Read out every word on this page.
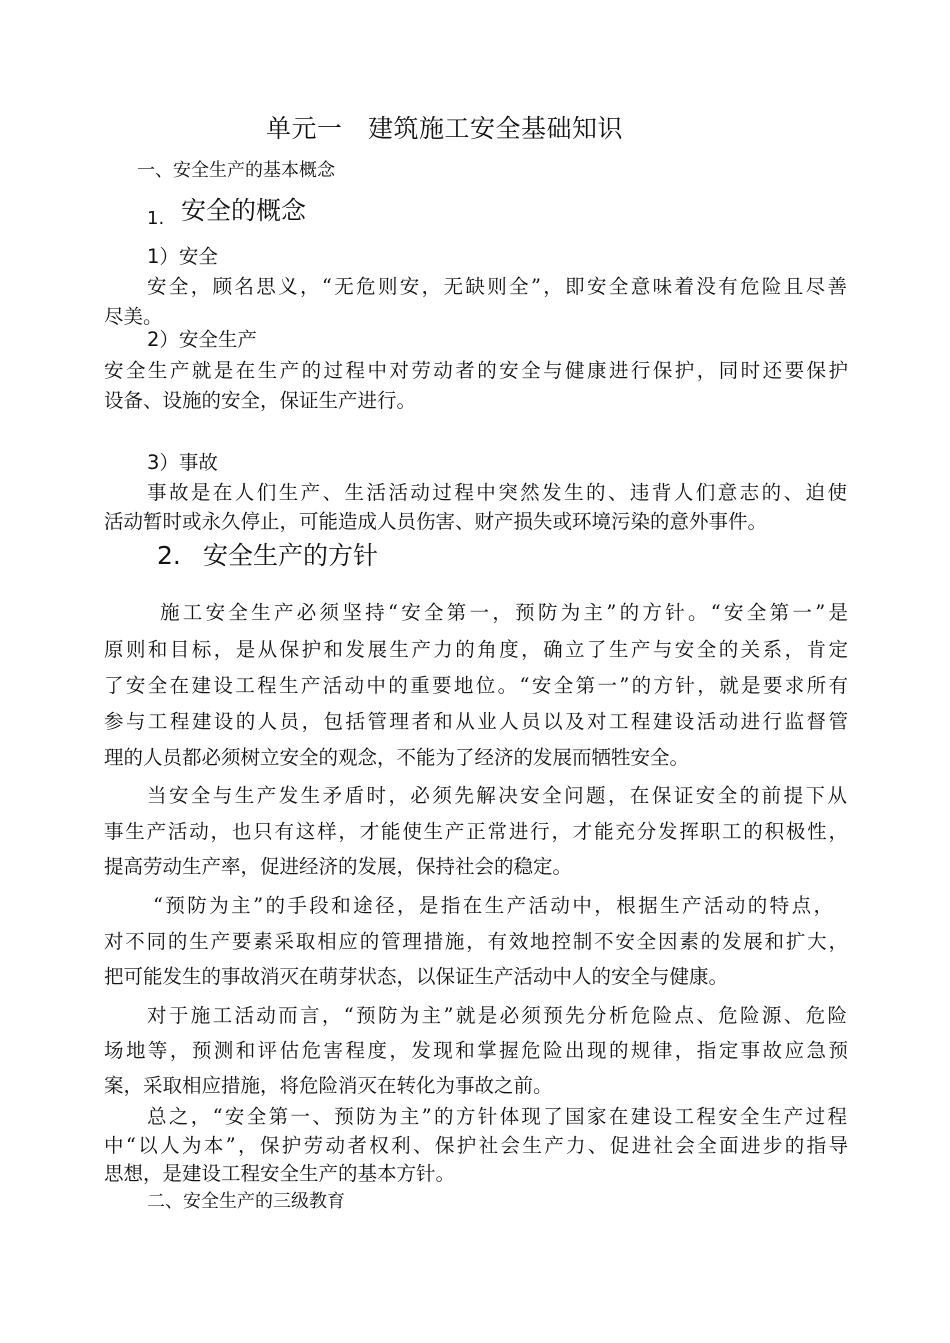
单元一　建筑施工安全基础知识
一、安全生产的基本概念
1. 安全的概念
1）安全
安全，顾名思义，“无危则安，无缺则全”，即安全意味着没有危险且尽善
尽美。
2）安全生产
安全生产就是在生产的过程中对劳动者的安全与健康进行保护，同时还要保护
设备、设施的安全，保证生产进行。
3）事故
事故是在人们生产、生活活动过程中突然发生的、违背人们意志的、迫使
活动暂时或永久停止，可能造成人员伤害、财产损失或环境污染的意外事件。
2. 安全生产的方针
施工安全生产必须坚持“安全第一，预防为主”的方针。“安全第一”是
原则和目标，是从保护和发展生产力的角度，确立了生产与安全的关系，肯定
了安全在建设工程生产活动中的重要地位。“安全第一”的方针，就是要求所有
参与工程建设的人员，包括管理者和从业人员以及对工程建设活动进行监督管
理的人员都必须树立安全的观念，不能为了经济的发展而牺牲安全。
当安全与生产发生矛盾时，必须先解决安全问题，在保证安全的前提下从
事生产活动，也只有这样，才能使生产正常进行，才能充分发挥职工的积极性，
提高劳动生产率，促进经济的发展，保持社会的稳定。
“预防为主”的手段和途径，是指在生产活动中，根据生产活动的特点，
对不同的生产要素采取相应的管理措施，有效地控制不安全因素的发展和扩大，
把可能发生的事故消灭在萌芽状态，以保证生产活动中人的安全与健康。
对于施工活动而言，“预防为主”就是必须预先分析危险点、危险源、危险
场地等，预测和评估危害程度，发现和掌握危险出现的规律，指定事故应急预
案，采取相应措施，将危险消灭在转化为事故之前。
总之，“安全第一、预防为主”的方针体现了国家在建设工程安全生产过程
中“以人为本”，保护劳动者权利、保护社会生产力、促进社会全面进步的指导
思想，是建设工程安全生产的基本方针。
二、安全生产的三级教育
